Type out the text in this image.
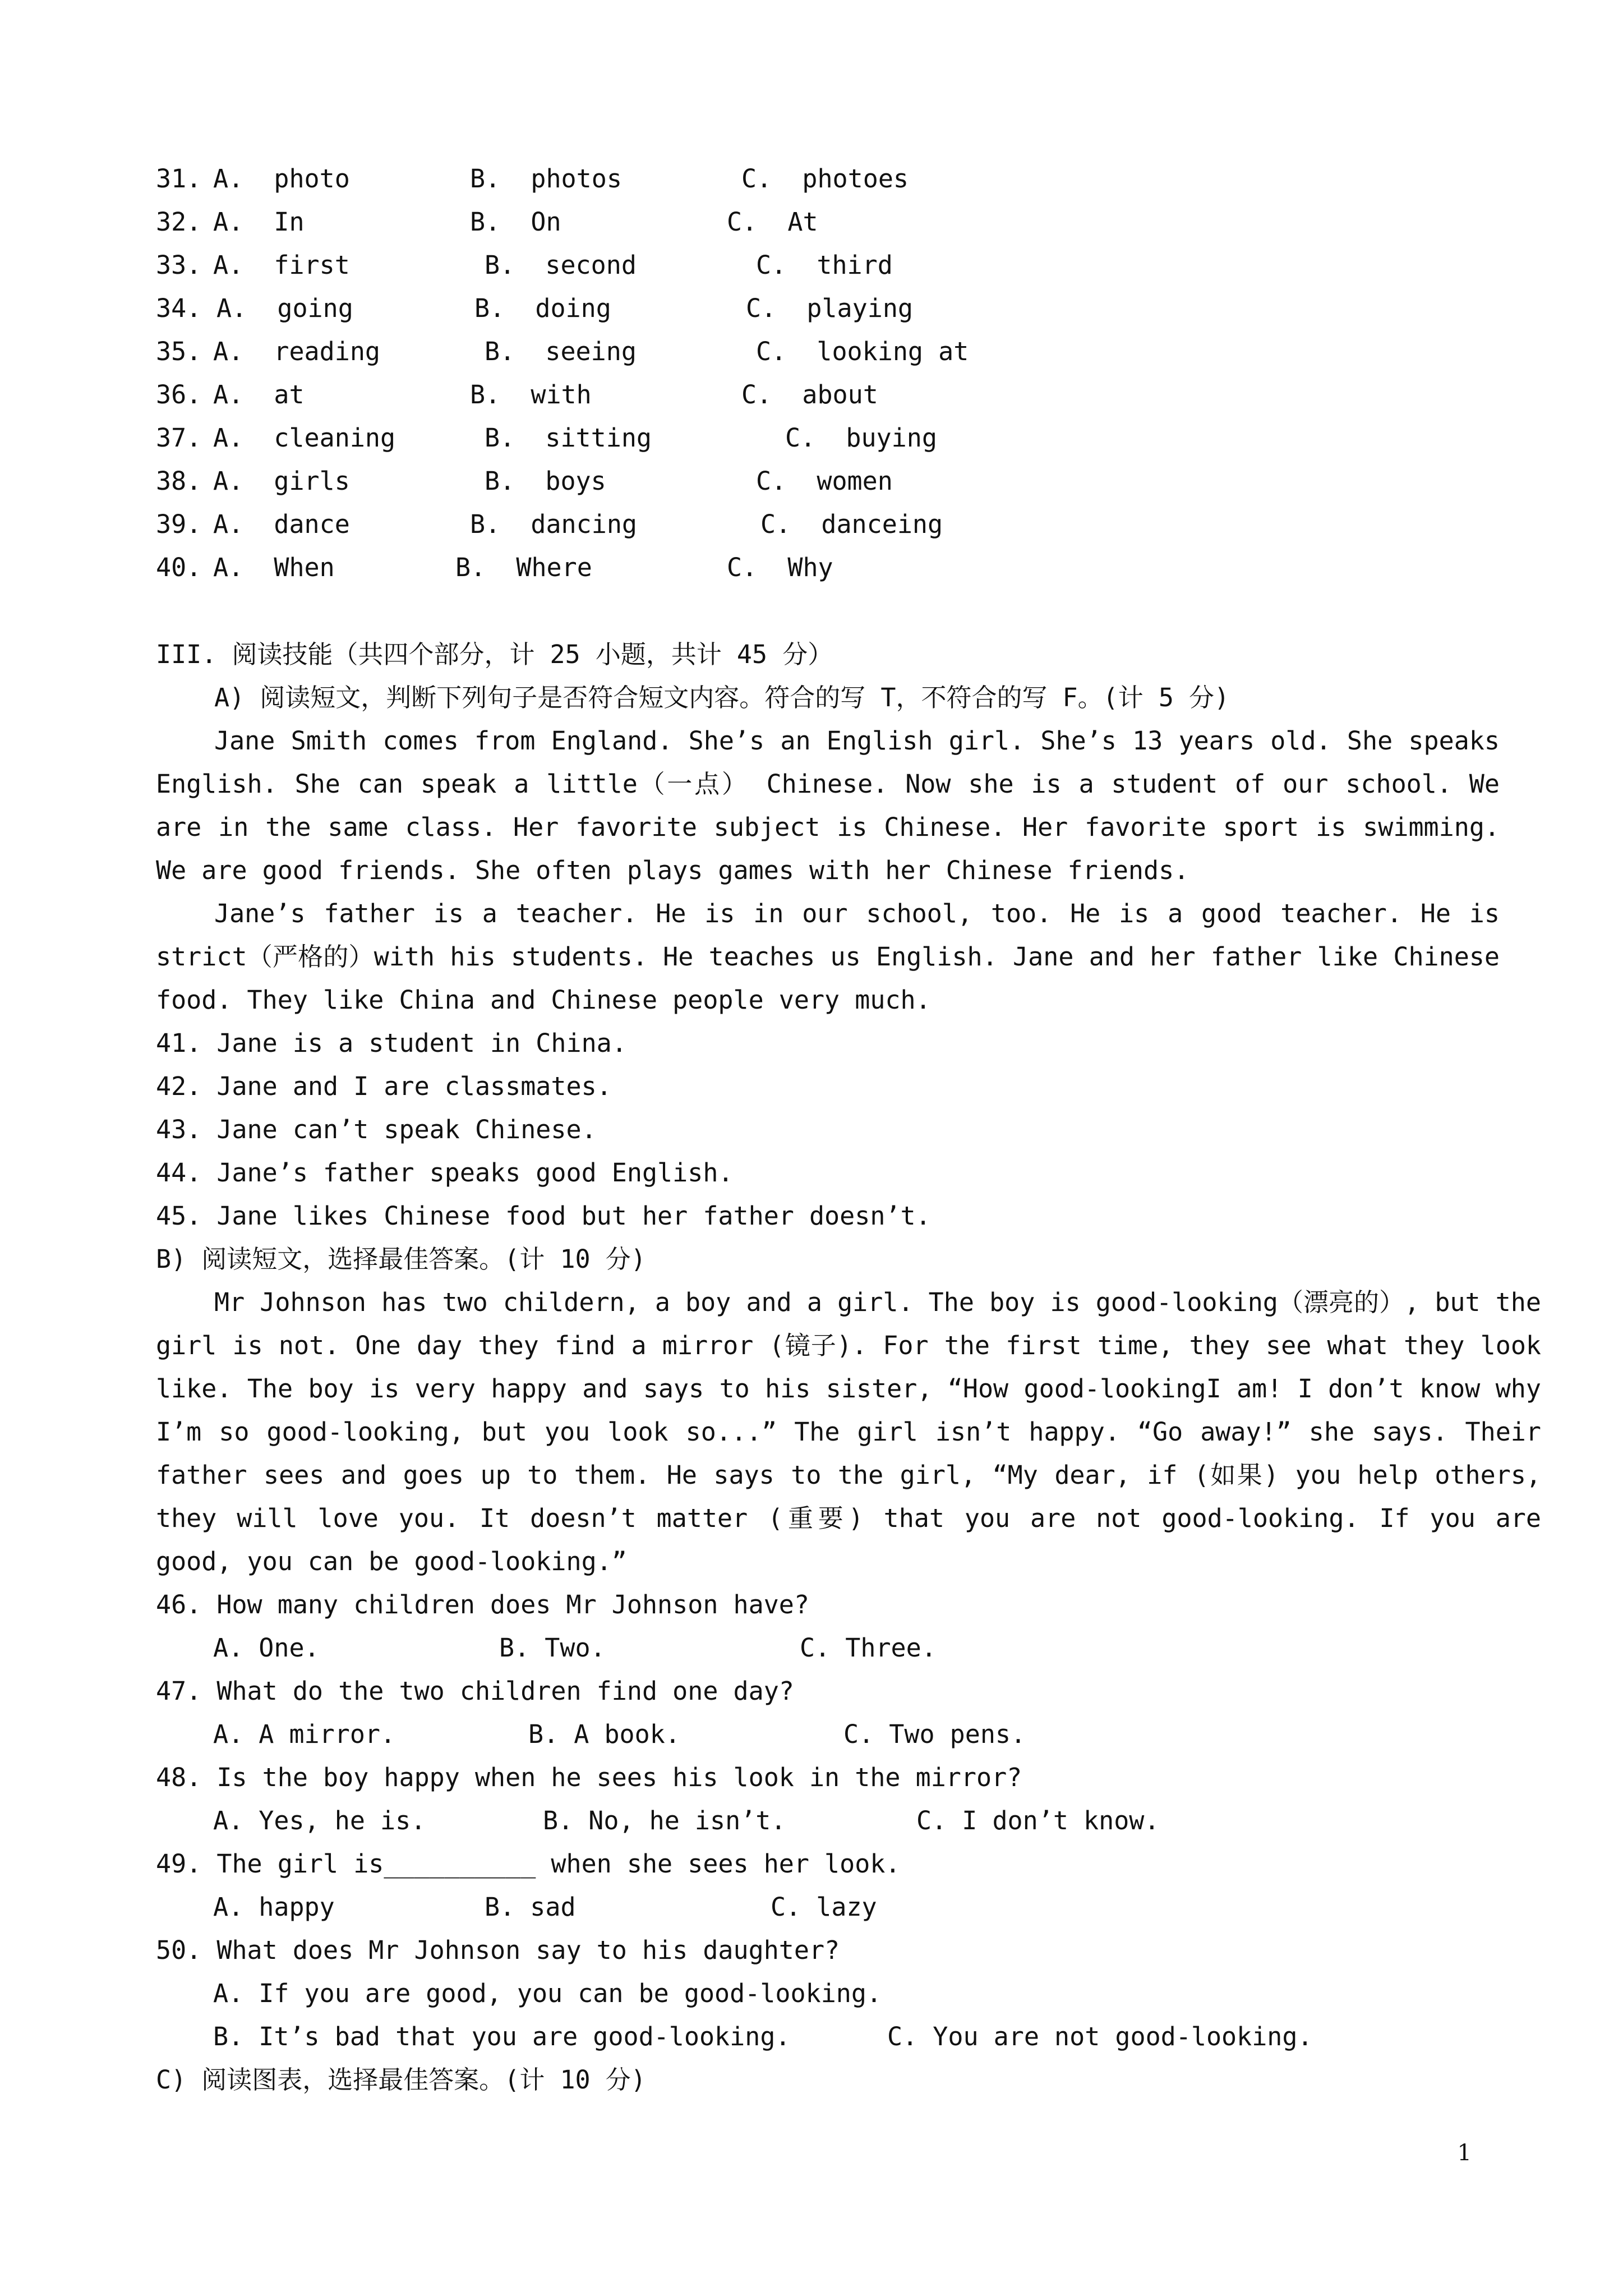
31. A.  photo	B.  photos	C.  photoes
32. A.  In	B.  On	C.  At
33. A.  first	B.  second	C.  third
34. A.  going	B.  doing	C.  playing
35. A.  reading	B.  seeing	C.  looking at
36. A.  at	B.  with	C.  about
37. A.  cleaning	B.  sitting	C.  buying
38. A.  girls	B.  boys	C.  women
39. A.  dance	B.  dancing	C.  danceing
40. A.  When	B.  Where	C.  Why
III. 阅读技能（共四个部分，计 25 小题，共计 45 分）
A) 阅读短文，判断下列句子是否符合短文内容。符合的写 T，不符合的写 F。(计 5 分)
Jane Smith comes from England. She’s an English girl. She’s 13 years old. She speaks English. She can speak a little（一点） Chinese. Now she is a student of our school. We are in the same class. Her favorite subject is Chinese. Her favorite sport is swimming. We are good friends. She often plays games with her Chinese friends.
Jane’s father is a teacher. He is in our school, too. He is a good teacher. He is strict（严格的）with his students. He teaches us English. Jane and her father like Chinese food. They like China and Chinese people very much.
41. Jane is a student in China.
42. Jane and I are classmates.
43. Jane can’t speak Chinese.
44. Jane’s father speaks good English.
45. Jane likes Chinese food but her father doesn’t.
B) 阅读短文，选择最佳答案。(计 10 分)
Mr Johnson has two childern, a boy and a girl. The boy is good-looking（漂亮的）, but the girl is not. One day they find a mirror (镜子). For the first time, they see what they look like. The boy is very happy and says to his sister, “How good-lookingI am! I don’t know why I’m so good-looking, but you look so...” The girl isn’t happy. “Go away!” she says. Their father sees and goes up to them. He says to the girl, “My dear, if (如果) you help others, they will love you. It doesn’t matter (重要) that you are not good-looking. If you are good, you can be good-looking.”
46. How many children does Mr Johnson have?
A. One.	B. Two.	C. Three.
47. What do the two children find one day?
A. A mirror.	B. A book.	C. Two pens.
48. Is the boy happy when he sees his look in the mirror?
A. Yes, he is.	B. No, he isn’t.	C. I don’t know.
49. The girl is__________ when she sees her look.
A. happy	B. sad	C. lazy
50. What does Mr Johnson say to his daughter?
A. If you are good, you can be good-looking.
B. It’s bad that you are good-looking.	C. You are not good-looking.
C) 阅读图表，选择最佳答案。(计 10 分)
1
